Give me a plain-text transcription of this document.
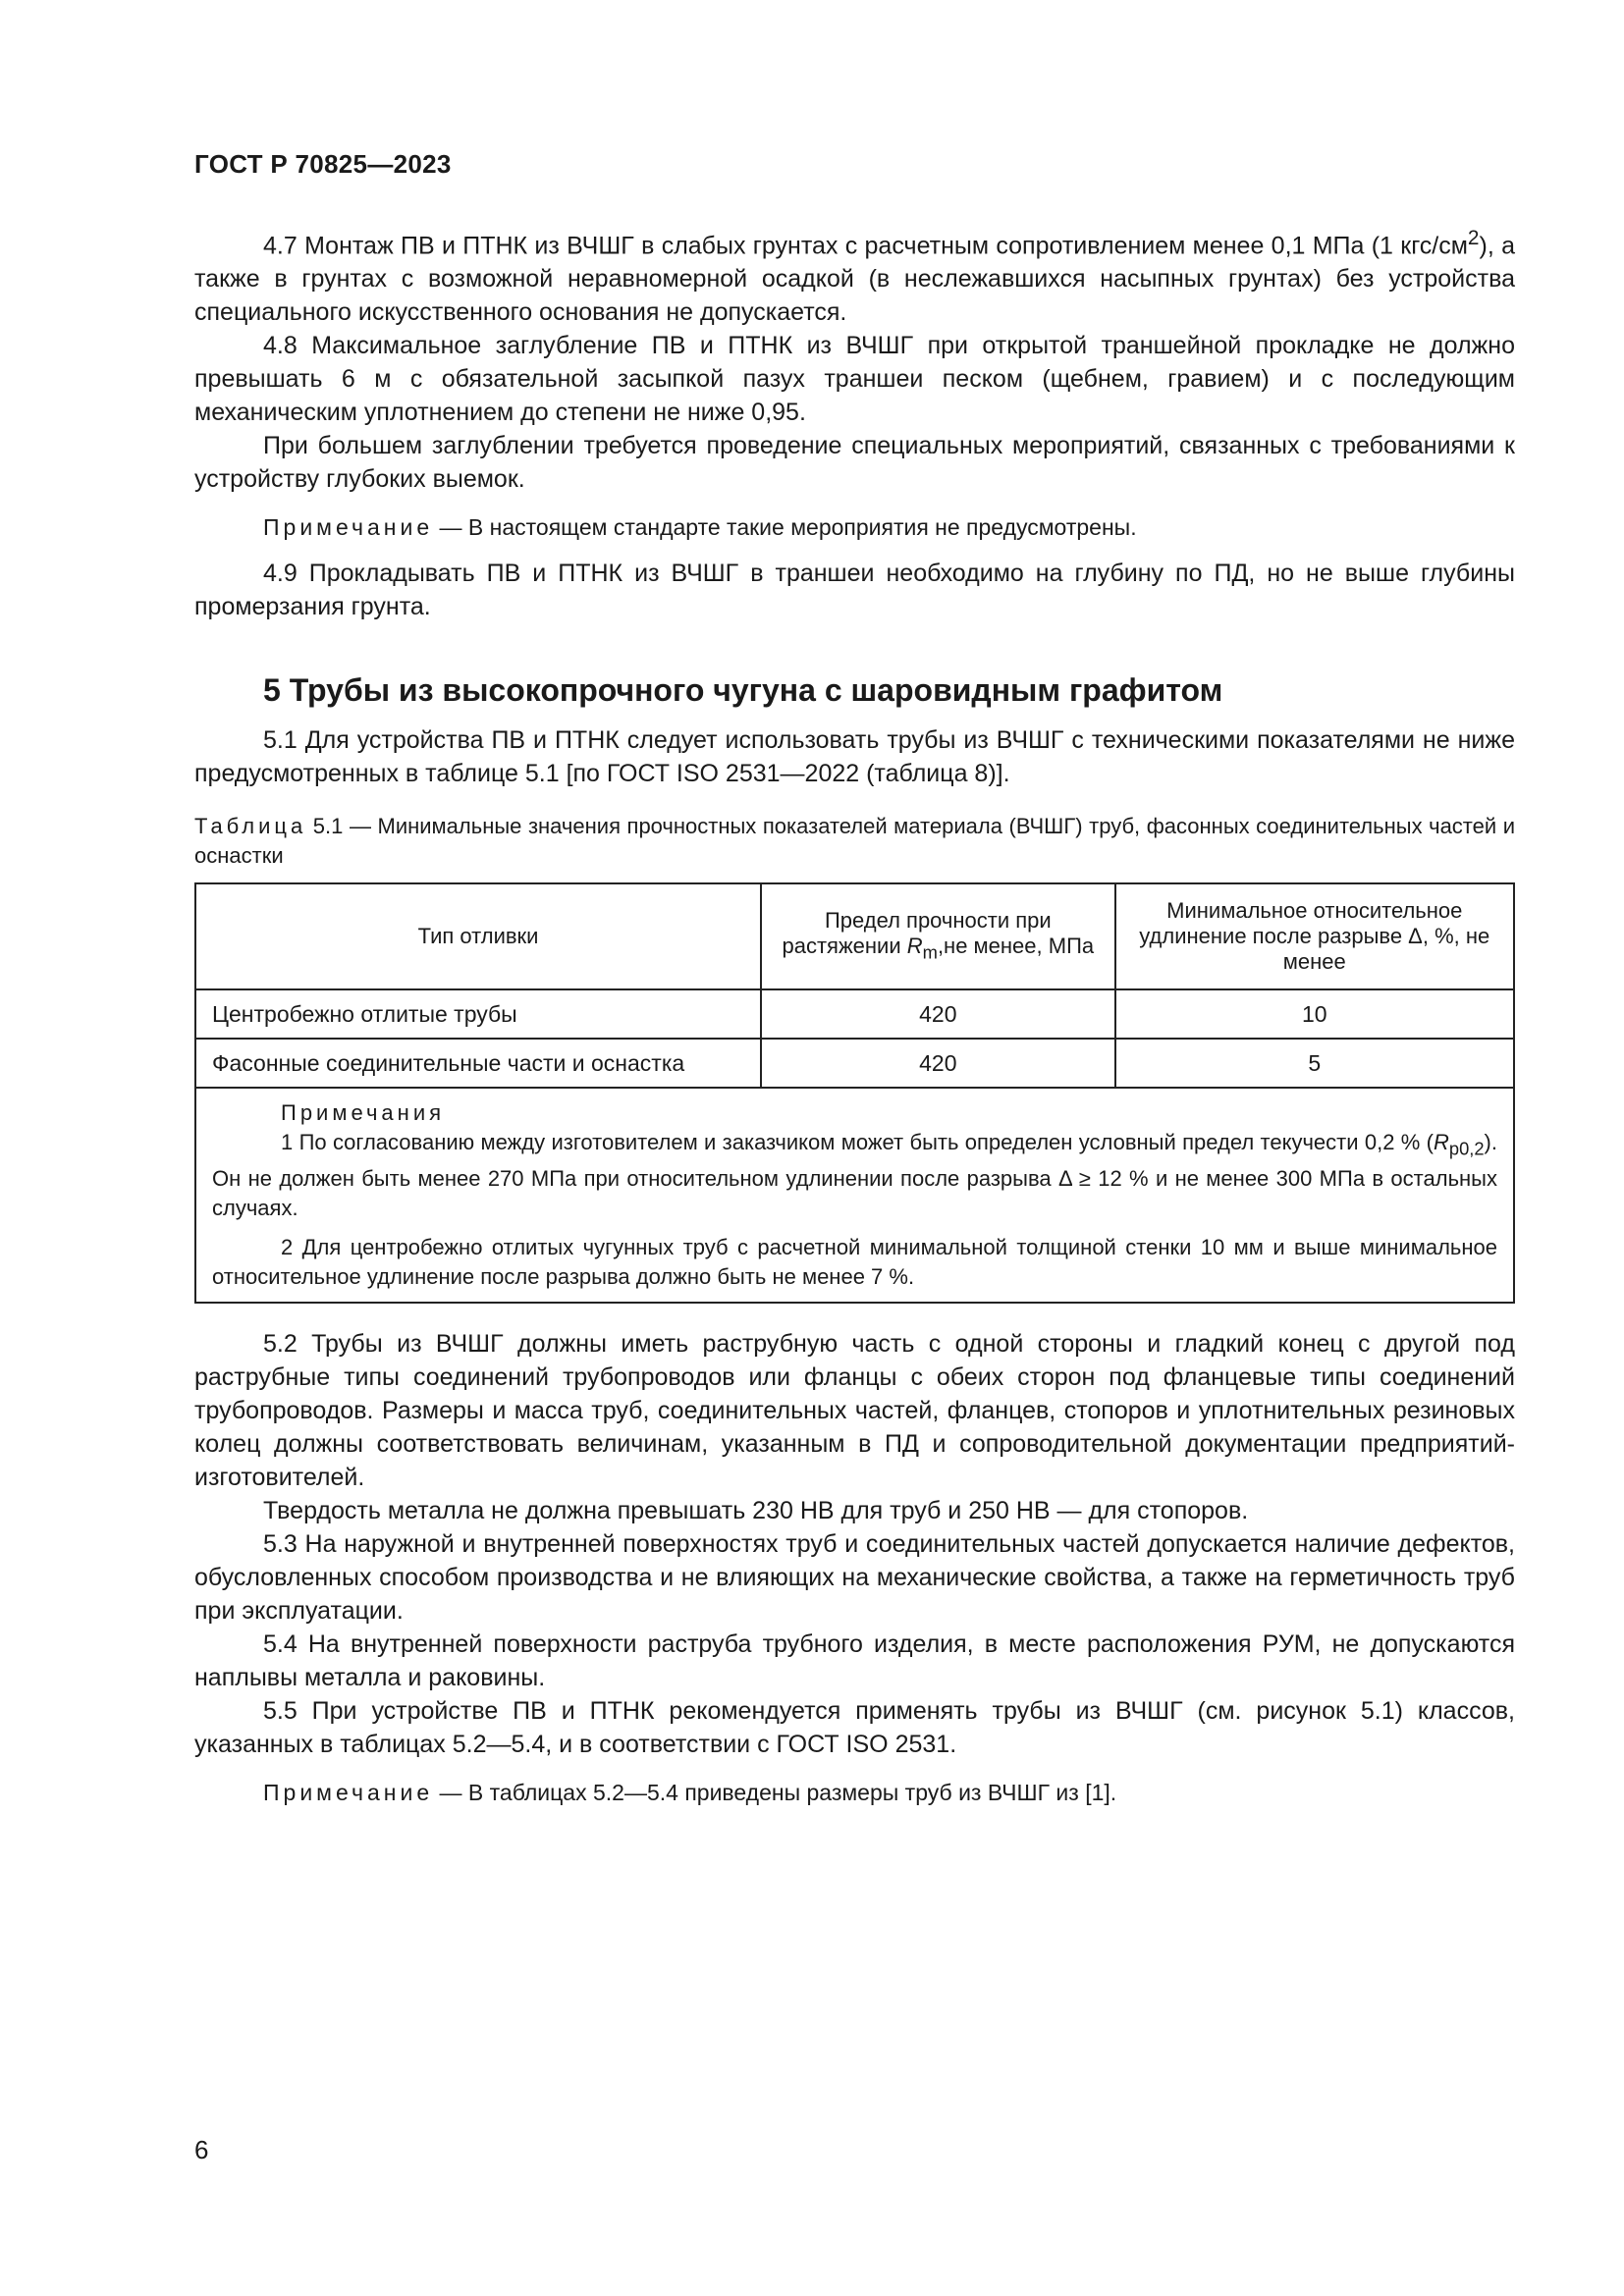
ГОСТ Р 70825—2023

4.7 Монтаж ПВ и ПТНК из ВЧШГ в слабых грунтах с расчетным сопротивлением менее 0,1 МПа (1 кгс/$см^2$), а также в грунтах с возможной неравномерной осадкой (в неслежавшихся насыпных грунтах) без устройства специального искусственного основания не допускается.

4.8 Максимальное заглубление ПВ и ПТНК из ВЧШГ при открытой траншейной прокладке не должно превышать 6 м с обязательной засыпкой пазух траншеи песком (щебнем, гравием) и с последующим механическим уплотнением до степени не ниже 0,95.

При большем заглублении требуется проведение специальных мероприятий, связанных с требованиями к устройству глубоких выемок.

Примечание — В настоящем стандарте такие мероприятия не предусмотрены.

4.9 Прокладывать ПВ и ПТНК из ВЧШГ в траншеи необходимо на глубину по ПД, но не выше глубины промерзания грунта.

5 Трубы из высокопрочного чугуна с шаровидным графитом

5.1 Для устройства ПВ и ПТНК следует использовать трубы из ВЧШГ с техническими показателями не ниже предусмотренных в таблице 5.1 [по ГОСТ ISO 2531—2022 (таблица 8)].

Таблица 5.1 — Минимальные значения прочностных показателей материала (ВЧШГ) труб, фасонных соединительных частей и оснастки

Тип отливки	Предел прочности при растяжении $R_m,не$ менее, МПа	Минимальное относительное удлинение после разрыве Δ, %, не менее
Центробежно отлитые трубы	420	10
Фасонные соединительные части и оснастка	420	5

Примечания

1 По согласованию между изготовителем и заказчиком может быть определен условный предел текучести 0,2 % $(R_{p0,2})$. Он не должен быть менее 270 МПа при относительном удлинении после разрыва Δ ≥ 12 % и не менее 300 МПа в остальных случаях.

2 Для центробежно отлитых чугунных труб с расчетной минимальной толщиной стенки 10 мм и выше минимальное относительное удлинение после разрыва должно быть не менее 7 %.		

5.2 Трубы из ВЧШГ должны иметь раструбную часть с одной стороны и гладкий конец с другой под раструбные типы соединений трубопроводов или фланцы с обеих сторон под фланцевые типы соединений трубопроводов. Размеры и масса труб, соединительных частей, фланцев, стопоров и уплотнительных резиновых колец должны соответствовать величинам, указанным в ПД и сопроводительной документации предприятий-изготовителей.

Твердость металла не должна превышать 230 НВ для труб и 250 НВ — для стопоров.

5.3 На наружной и внутренней поверхностях труб и соединительных частей допускается наличие дефектов, обусловленных способом производства и не влияющих на механические свойства, а также на герметичность труб при эксплуатации.

5.4 На внутренней поверхности раструба трубного изделия, в месте расположения РУМ, не допускаются наплывы металла и раковины.

5.5 При устройстве ПВ и ПТНК рекомендуется применять трубы из ВЧШГ (см. рисунок 5.1) классов, указанных в таблицах 5.2—5.4, и в соответствии с ГОСТ ISO 2531.

Примечание — В таблицах 5.2—5.4 приведены размеры труб из ВЧШГ из [1].

6
